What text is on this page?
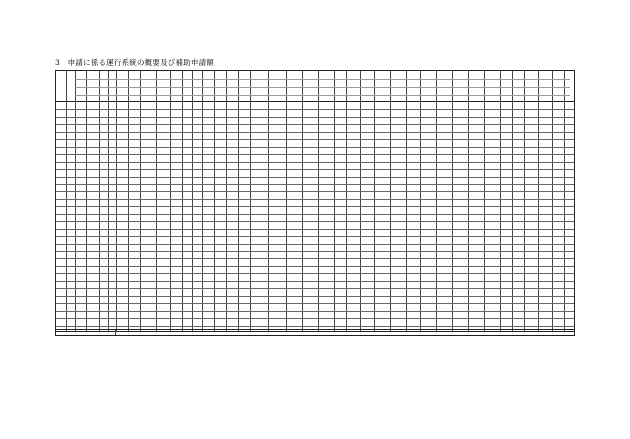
3　申請に係る運行系統の概要及び補助申請額
